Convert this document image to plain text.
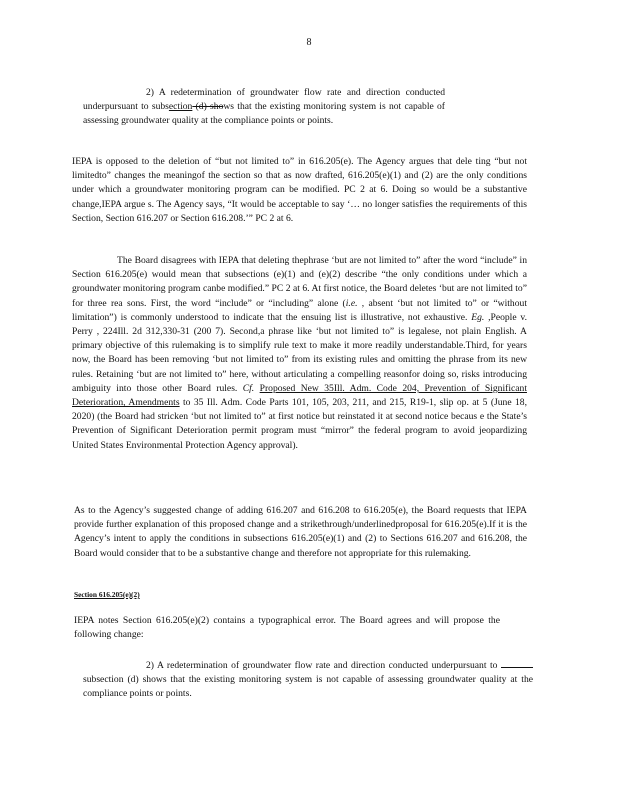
8

2) A redetermination of groundwater flow rate and direction conducted underpursuant to subsection (d) shows that the existing monitoring system is not capable of assessing groundwater quality at the compliance points or points.

IEPA is opposed to the deletion of “but not limited to” in 616.205(e). The Agency argues that dele ting “but not limitedto” changes the meaningof the section so that as now drafted, 616.205(e)(1) and (2) are the only conditions under which a groundwater monitoring program can be modified. PC 2 at 6. Doing so would be a substantive change,IEPA argue s. The Agency says, “It would be acceptable to say ‘… no longer satisfies the requirements of this Section, Section 616.207 or Section 616.208.’” PC 2 at 6.

The Board disagrees with IEPA that deleting thephrase ‘but are not limited to” after the word “include” in Section 616.205(e) would mean that subsections (e)(1) and (e)(2) describe “the only conditions under which a groundwater monitoring program canbe modified.” PC 2 at 6. At first notice, the Board deletes ‘but are not limited to” for three rea sons. First, the word “include” or “including” alone (i.e. , absent ‘but not limited to” or “without limitation”) is commonly understood to indicate that the ensuing list is illustrative, not exhaustive. Eg. ,People v. Perry , 224Ill. 2d 312,330-31 (200 7). Second,a phrase like ‘but not limited to” is legalese, not plain English. A primary objective of this rulemaking is to simplify rule text to make it more readily understandable.Third, for years now, the Board has been removing ‘but not limited to” from its existing rules and omitting the phrase from its new rules. Retaining ‘but are not limited to” here, without articulating a compelling reasonfor doing so, risks introducing ambiguity into those other Board rules. Cf. Proposed New 35Ill. Adm. Code 204, Prevention of Significant Deterioration, Amendments to 35 Ill. Adm. Code Parts 101, 105, 203, 211, and 215, R19-1, slip op. at 5 (June 18, 2020) (the Board had stricken ‘but not limited to” at first notice but reinstated it at second notice becaus e the State’s Prevention of Significant Deterioration permit program must “mirror” the federal program to avoid jeopardizing United States Environmental Protection Agency approval).

As to the Agency’s suggested change of adding 616.207 and 616.208 to 616.205(e), the Board requests that IEPA provide further explanation of this proposed change and a strikethrough/underlinedproposal for 616.205(e).If it is the Agency’s intent to apply the conditions in subsections 616.205(e)(1) and (2) to Sections 616.207 and 616.208, the Board would consider that to be a substantive change and therefore not appropriate for this rulemaking.

Section 616.205(e)(2)

IEPA notes Section 616.205(e)(2) contains a typographical error. The Board agrees and will propose the following change:

2) A redetermination of groundwater flow rate and direction conducted underpursuant to  subsection (d) shows that the existing monitoring system is not capable of assessing groundwater quality at the compliance points or points.
